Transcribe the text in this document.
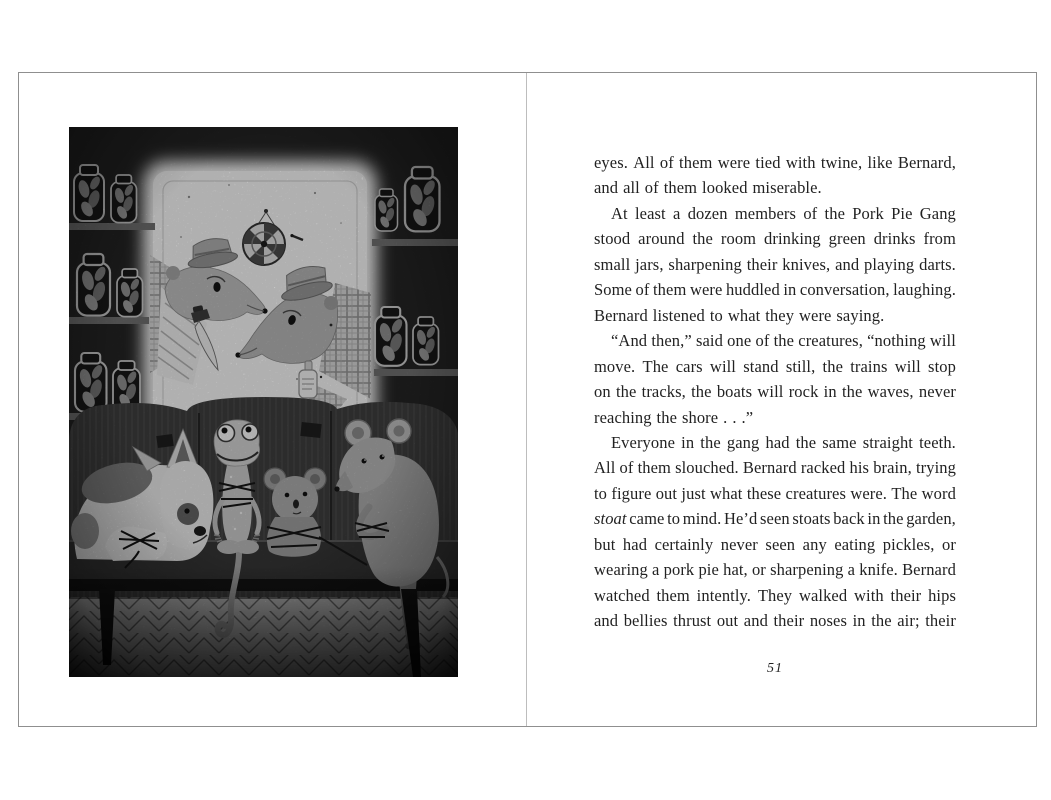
eyes. All of them were tied with twine, like Bernard,
and all of them looked miserable.
At least a dozen members of the Pork Pie Gang
stood around the room drinking green drinks from
small jars, sharpening their knives, and playing darts.
Some of them were huddled in conversation, laughing.
Bernard listened to what they were saying.
“And then,” said one of the creatures, “nothing will
move. The cars will stand still, the trains will stop
on the tracks, the boats will rock in the waves, never
reaching the shore . . .”
Everyone in the gang had the same straight teeth.
All of them slouched. Bernard racked his brain, trying
to figure out just what these creatures were. The word
stoat came to mind. He’d seen stoats back in the garden,
but had certainly never seen any eating pickles, or
wearing a pork pie hat, or sharpening a knife. Bernard
watched them intently. They walked with their hips
and bellies thrust out and their noses in the air; their
51
